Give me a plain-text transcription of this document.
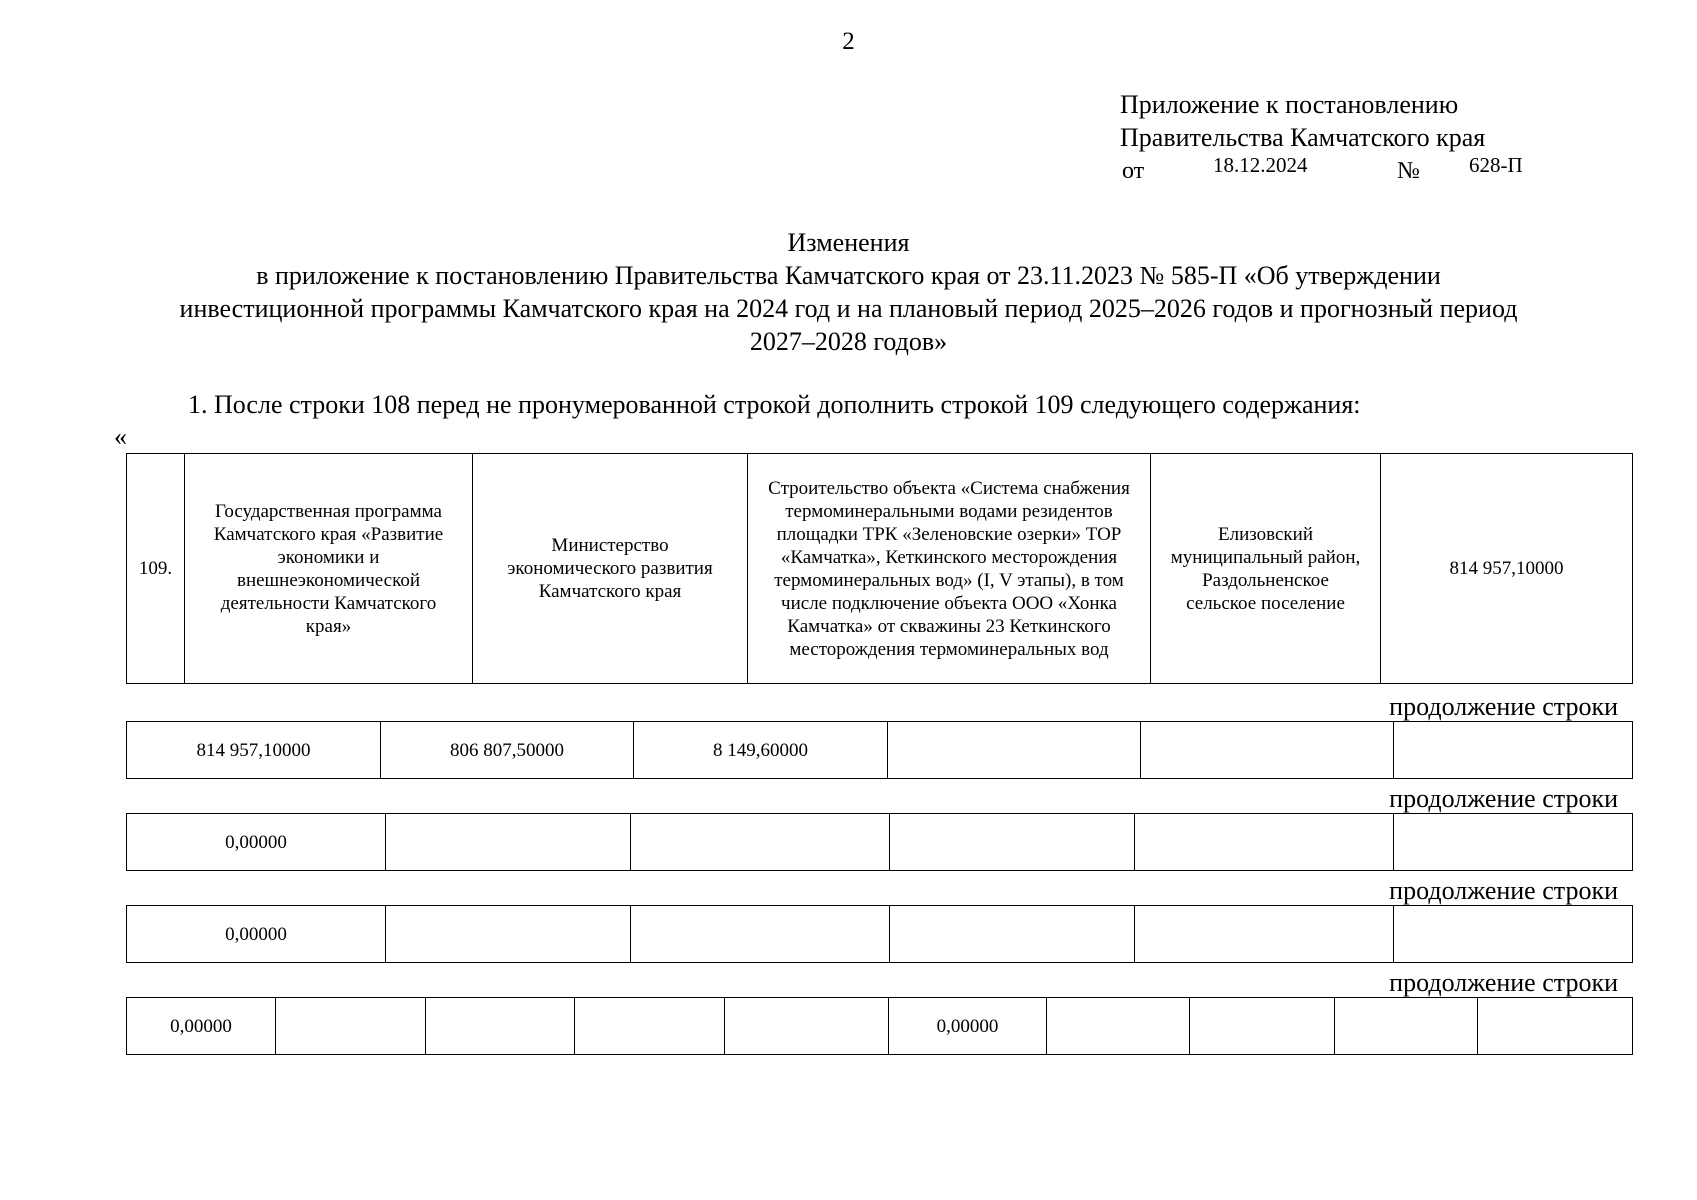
2
Приложение к постановлению
Правительства Камчатского края
от	18.12.2024	№ 628-П
Изменения
в приложение к постановлению Правительства Камчатского края от 23.11.2023 № 585-П «Об утверждении
инвестиционной программы Камчатского края на 2024 год и на плановый период 2025–2026 годов и прогнозный период
2027–2028 годов»
1. После строки 108 перед не пронумерованной строкой дополнить строкой 109 следующего содержания:
«
109.	Государственная программа Камчатского края «Развитие экономики и внешнеэкономической деятельности Камчатского края»	Министерство экономического развития Камчатского края	Строительство объекта «Система снабжения термоминеральными водами резидентов площадки ТРК «Зеленовские озерки» ТОР «Камчатка», Кеткинского месторождения термоминеральных вод» (I, V этапы), в том числе подключение объекта ООО «Хонка Камчатка» от скважины 23 Кеткинского месторождения термоминеральных вод	Елизовский муниципальный район, Раздольненское сельское поселение	814 957,10000
продолжение строки
814 957,10000	806 807,50000	8 149,60000			
продолжение строки
0,00000					
продолжение строки
0,00000					
продолжение строки
0,00000					0,00000				
